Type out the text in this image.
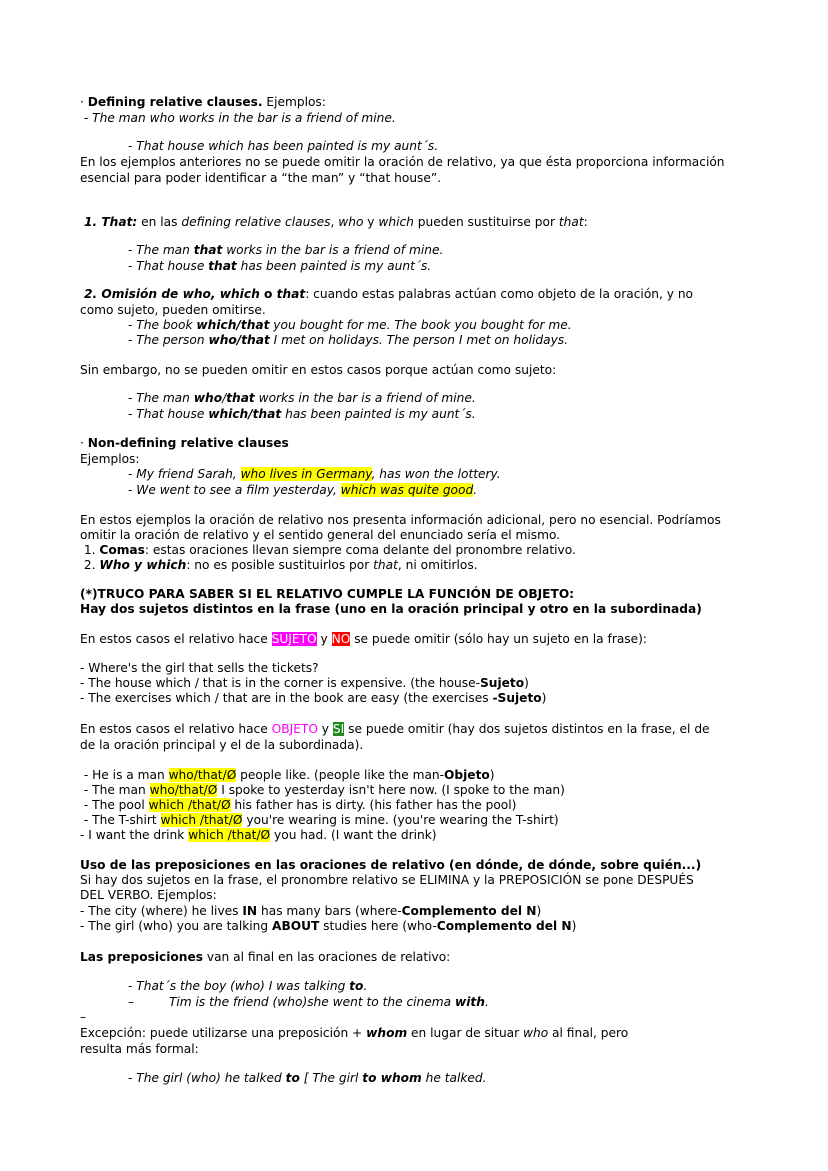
· Defining relative clauses. Ejemplos:
- The man who works in the bar is a friend of mine.
- That house which has been painted is my aunt´s.
En los ejemplos anteriores no se puede omitir la oración de relativo, ya que ésta proporciona información
esencial para poder identificar a “the man” y “that house”.
1. That: en las defining relative clauses, who y which pueden sustituirse por that:
- The man that works in the bar is a friend of mine.
- That house that has been painted is my aunt´s.
2. Omisión de who, which o that: cuando estas palabras actúan como objeto de la oración, y no
como sujeto, pueden omitirse.
- The book which/that you bought for me. The book you bought for me.
- The person who/that I met on holidays. The person I met on holidays.
Sin embargo, no se pueden omitir en estos casos porque actúan como sujeto:
- The man who/that works in the bar is a friend of mine.
- That house which/that has been painted is my aunt´s.
· Non-defining relative clauses
Ejemplos:
- My friend Sarah, who lives in Germany, has won the lottery.
- We went to see a film yesterday, which was quite good.
En estos ejemplos la oración de relativo nos presenta información adicional, pero no esencial. Podríamos
omitir la oración de relativo y el sentido general del enunciado sería el mismo.
1. Comas: estas oraciones llevan siempre coma delante del pronombre relativo.
2. Who y which: no es posible sustituirlos por that, ni omitirlos.
(*)TRUCO PARA SABER SI EL RELATIVO CUMPLE LA FUNCIÓN DE OBJETO:
Hay dos sujetos distintos en la frase (uno en la oración principal y otro en la subordinada)
En estos casos el relativo hace SUJETO y NO se puede omitir (sólo hay un sujeto en la frase):
- Where's the girl that sells the tickets?
- The house which / that is in the corner is expensive. (the house-Sujeto)
- The exercises which / that are in the book are easy (the exercises -Sujeto)
En estos casos el relativo hace OBJETO y SI se puede omitir (hay dos sujetos distintos en la frase, el de
de la oración principal y el de la subordinada).
- He is a man who/that/Ø people like. (people like the man-Objeto)
- The man who/that/Ø I spoke to yesterday isn't here now. (I spoke to the man)
- The pool which /that/Ø his father has is dirty. (his father has the pool)
- The T-shirt which /that/Ø you're wearing is mine. (you're wearing the T-shirt)
- I want the drink which /that/Ø you had. (I want the drink)
Uso de las preposiciones en las oraciones de relativo (en dónde, de dónde, sobre quién...)
Si hay dos sujetos en la frase, el pronombre relativo se ELIMINA y la PREPOSICIÓN se pone DESPUÉS
DEL VERBO. Ejemplos:
- The city (where) he lives IN has many bars (where-Complemento del N)
- The girl (who) you are talking ABOUT studies here (who-Complemento del N)
Las preposiciones van al final en las oraciones de relativo:
- That´s the boy (who) I was talking to.
–         Tim is the friend (who)she went to the cinema with.
–
Excepción: puede utilizarse una preposición + whom en lugar de situar who al final, pero
resulta más formal:
- The girl (who) he talked to [ The girl to whom he talked.
